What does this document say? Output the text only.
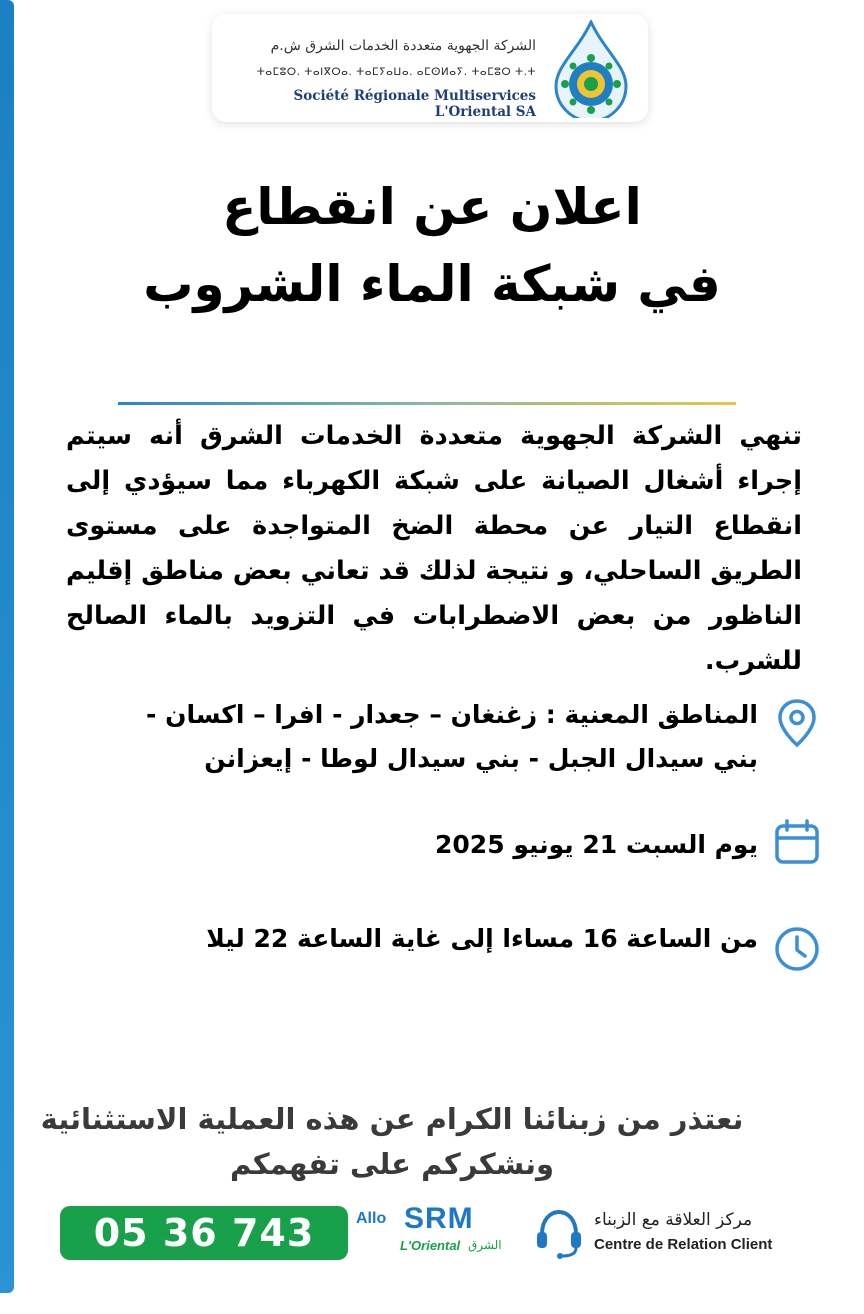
الشركة الجهوية متعددة الخدمات الشرق ش.م
ⵜⴰⵎⵓⵔ. ⵜⴰⵏⴳⵔⴰ. ⵜⴰⵎⵢⴰⵡⴰ. ⴰⵎⵙⵍⴰⵢ. ⵜⴰⵎⵓⵔ ⵜ.ⵜ
Société Régionale Multiservices L'Oriental SA
اعلان عن انقطاع
في شبكة الماء الشروب
تنهي الشركة الجهوية متعددة الخدمات الشرق أنه سيتم إجراء أشغال الصيانة على شبكة الكهرباء مما سيؤدي إلى انقطاع التيار عن محطة الضخ المتواجدة على مستوى الطريق الساحلي، و نتيجة لذلك قد تعاني بعض مناطق إقليم الناظور من بعض الاضطرابات في التزويد بالماء الصالح للشرب.
المناطق المعنية : زغنغان – جعدار - افرا – اكسان -
بني سيدال الجبل - بني سيدال لوطا - إيعزانن
يوم السبت 21 يونيو 2025
من الساعة 16 مساءا إلى غاية الساعة 22 ليلا
نعتذر من زبنائنا الكرام عن هذه العملية الاستثنائية
ونشكركم على تفهمكم
05 36 743 743
Allo SRM
L'Oriental الشرق
مركز العلاقة مع الزبناء
Centre de Relation Client
